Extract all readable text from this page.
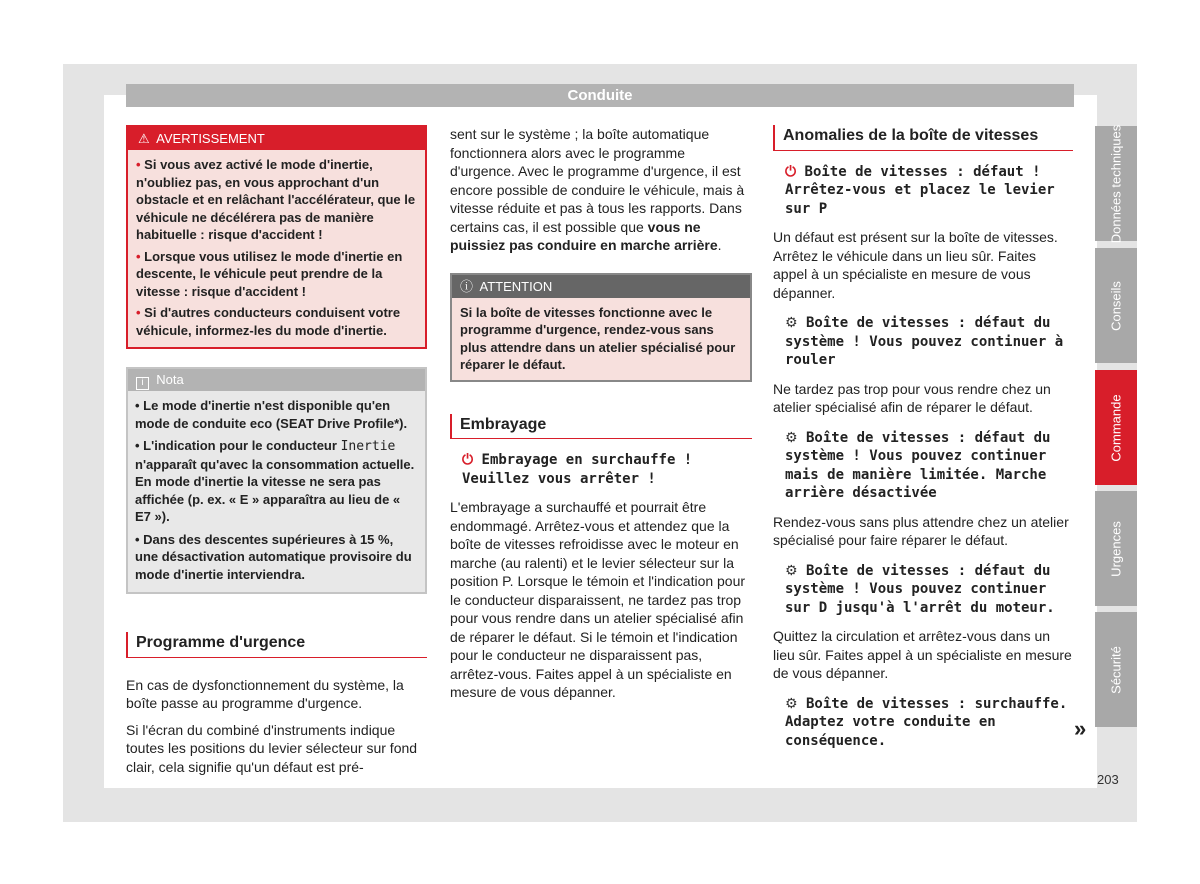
Conduite
⚠ AVERTISSEMENT

• Si vous avez activé le mode d'inertie, n'oubliez pas, en vous approchant d'un obstacle et en relâchant l'accélérateur, que le véhicule ne décélérera pas de manière habituelle : risque d'accident !

• Lorsque vous utilisez le mode d'inertie en descente, le véhicule peut prendre de la vitesse : risque d'accident !

• Si d'autres conducteurs conduisent votre véhicule, informez-les du mode d'inertie.

i Nota

• Le mode d'inertie n'est disponible qu'en mode de conduite eco (SEAT Drive Profile*).

• L'indication pour le conducteur Inertie n'apparaît qu'avec la consommation actuelle. En mode d'inertie la vitesse ne sera pas affichée (p. ex. « E » apparaîtra au lieu de « E7 »).

• Dans des descentes supérieures à 15 %, une désactivation automatique provisoire du mode d'inertie interviendra.

Programme d'urgence

En cas de dysfonctionnement du système, la boîte passe au programme d'urgence.

Si l'écran du combiné d'instruments indique toutes les positions du levier sélecteur sur fond clair, cela signifie qu'un défaut est pré-

sent sur le système ; la boîte automatique fonctionnera alors avec le programme d'urgence. Avec le programme d'urgence, il est encore possible de conduire le véhicule, mais à vitesse réduite et pas à tous les rapports. Dans certains cas, il est possible que vous ne puissiez pas conduire en marche arrière.

ⓘ ATTENTION
Si la boîte de vitesses fonctionne avec le programme d'urgence, rendez-vous sans plus attendre dans un atelier spécialisé pour réparer le défaut.
Embrayage
⏻ Embrayage en surchauffe ! Veuillez vous arrêter !

L'embrayage a surchauffé et pourrait être endommagé. Arrêtez-vous et attendez que la boîte de vitesses refroidisse avec le moteur en marche (au ralenti) et le levier sélecteur sur la position P. Lorsque le témoin et l'indication pour le conducteur disparaissent, ne tardez pas trop pour vous rendre dans un atelier spécialisé afin de réparer le défaut. Si le témoin et l'indication pour le conducteur ne disparaissent pas, arrêtez-vous. Faites appel à un spécialiste en mesure de vous dépanner.

Anomalies de la boîte de vitesses
⏻ Boîte de vitesses : défaut ! Arrêtez-vous et placez le levier sur P

Un défaut est présent sur la boîte de vitesses. Arrêtez le véhicule dans un lieu sûr. Faites appel à un spécialiste en mesure de vous dépanner.

⚙ Boîte de vitesses : défaut du système ! Vous pouvez continuer à rouler

Ne tardez pas trop pour vous rendre chez un atelier spécialisé afin de réparer le défaut.

⚙ Boîte de vitesses : défaut du système ! Vous pouvez continuer mais de manière limitée. Marche arrière désactivée

Rendez-vous sans plus attendre chez un atelier spécialisé pour faire réparer le défaut.

⚙ Boîte de vitesses : défaut du système ! Vous pouvez continuer sur D jusqu'à l'arrêt du moteur.

Quittez la circulation et arrêtez-vous dans un lieu sûr. Faites appel à un spécialiste en mesure de vous dépanner.

⚙ Boîte de vitesses : surchauffe. Adaptez votre conduite en conséquence.	»
Données techniques
Conseils
Commande
Urgences
Sécurité
203
